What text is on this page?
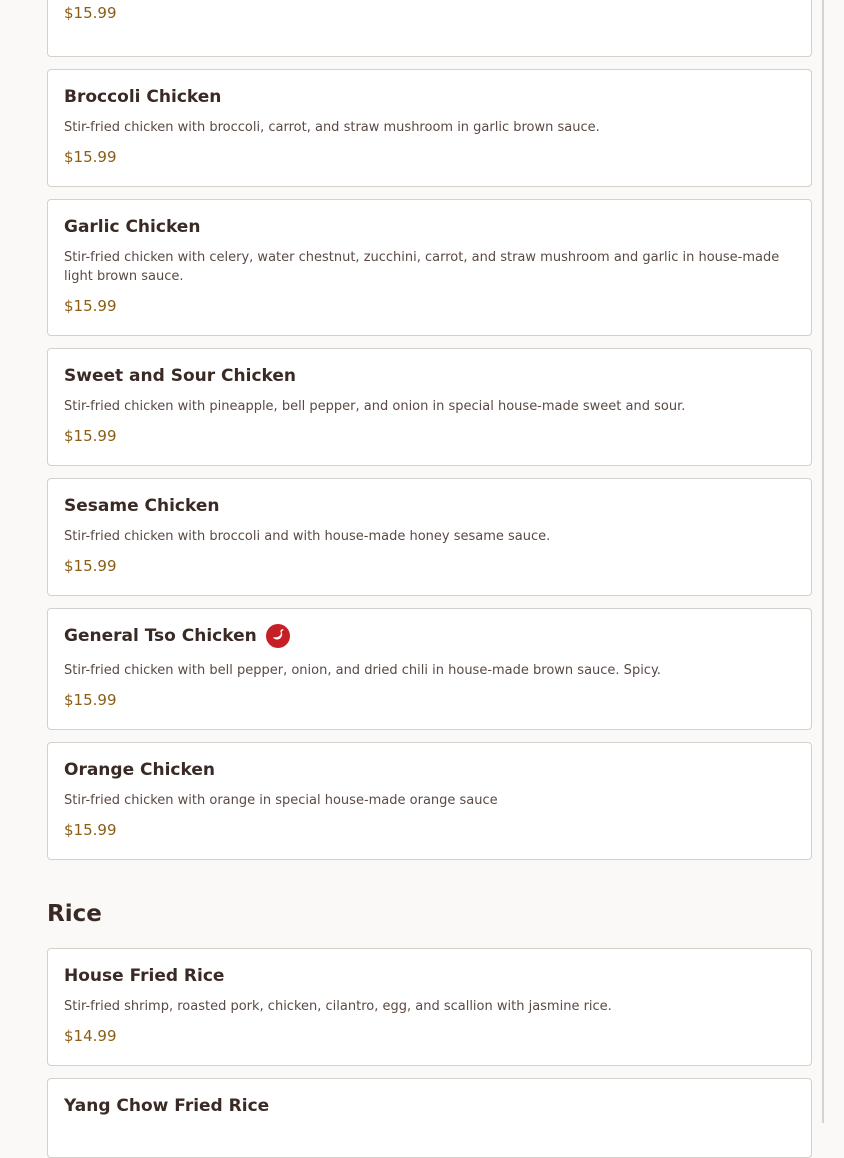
$15.99
Broccoli Chicken
Stir-fried chicken with broccoli, carrot, and straw mushroom in garlic brown sauce.
$15.99
Garlic Chicken
Stir-fried chicken with celery, water chestnut, zucchini, carrot, and straw mushroom and garlic in house-made light brown sauce.
$15.99
Sweet and Sour Chicken
Stir-fried chicken with pineapple, bell pepper, and onion in special house-made sweet and sour.
$15.99
Sesame Chicken
Stir-fried chicken with broccoli and with house-made honey sesame sauce.
$15.99
General Tso Chicken
Stir-fried chicken with bell pepper, onion, and dried chili in house-made brown sauce. Spicy.
$15.99
Orange Chicken
Stir-fried chicken with orange in special house-made orange sauce
$15.99
Rice
House Fried Rice
Stir-fried shrimp, roasted pork, chicken, cilantro, egg, and scallion with jasmine rice.
$14.99
Yang Chow Fried Rice
